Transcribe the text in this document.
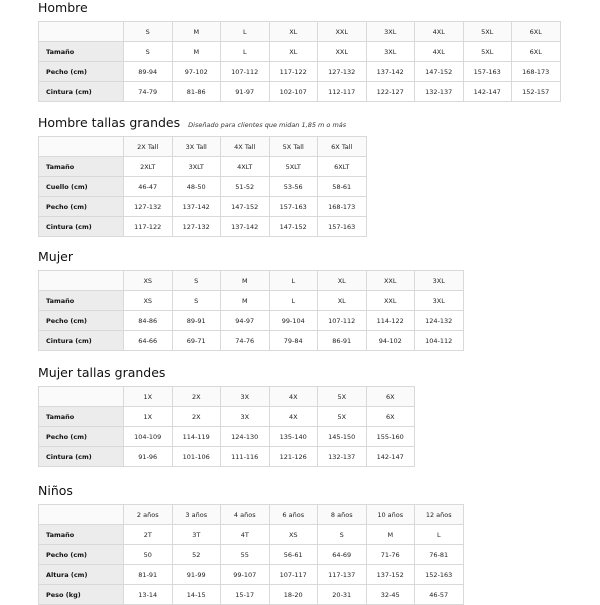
Hombre
	S	M	L	XL	XXL	3XL	4XL	5XL	6XL
Tamaño	S	M	L	XL	XXL	3XL	4XL	5XL	6XL
Pecho (cm)	89-94	97-102	107-112	117-122	127-132	137-142	147-152	157-163	168-173
Cintura (cm)	74-79	81-86	91-97	102-107	112-117	122-127	132-137	142-147	152-157
Hombre tallas grandes Diseñado para clientes que midan 1,85 m o más
	2X Tall	3X Tall	4X Tall	5X Tall	6X Tall
Tamaño	2XLT	3XLT	4XLT	5XLT	6XLT
Cuello (cm)	46-47	48-50	51-52	53-56	58-61
Pecho (cm)	127-132	137-142	147-152	157-163	168-173
Cintura (cm)	117-122	127-132	137-142	147-152	157-163
Mujer
	XS	S	M	L	XL	XXL	3XL
Tamaño	XS	S	M	L	XL	XXL	3XL
Pecho (cm)	84-86	89-91	94-97	99-104	107-112	114-122	124-132
Cintura (cm)	64-66	69-71	74-76	79-84	86-91	94-102	104-112
Mujer tallas grandes
	1X	2X	3X	4X	5X	6X
Tamaño	1X	2X	3X	4X	5X	6X
Pecho (cm)	104-109	114-119	124-130	135-140	145-150	155-160
Cintura (cm)	91-96	101-106	111-116	121-126	132-137	142-147
Niños
	2 años	3 años	4 años	6 años	8 años	10 años	12 años
Tamaño	2T	3T	4T	XS	S	M	L
Pecho (cm)	50	52	55	56-61	64-69	71-76	76-81
Altura (cm)	81-91	91-99	99-107	107-117	117-137	137-152	152-163
Peso (kg)	13-14	14-15	15-17	18-20	20-31	32-45	46-57
